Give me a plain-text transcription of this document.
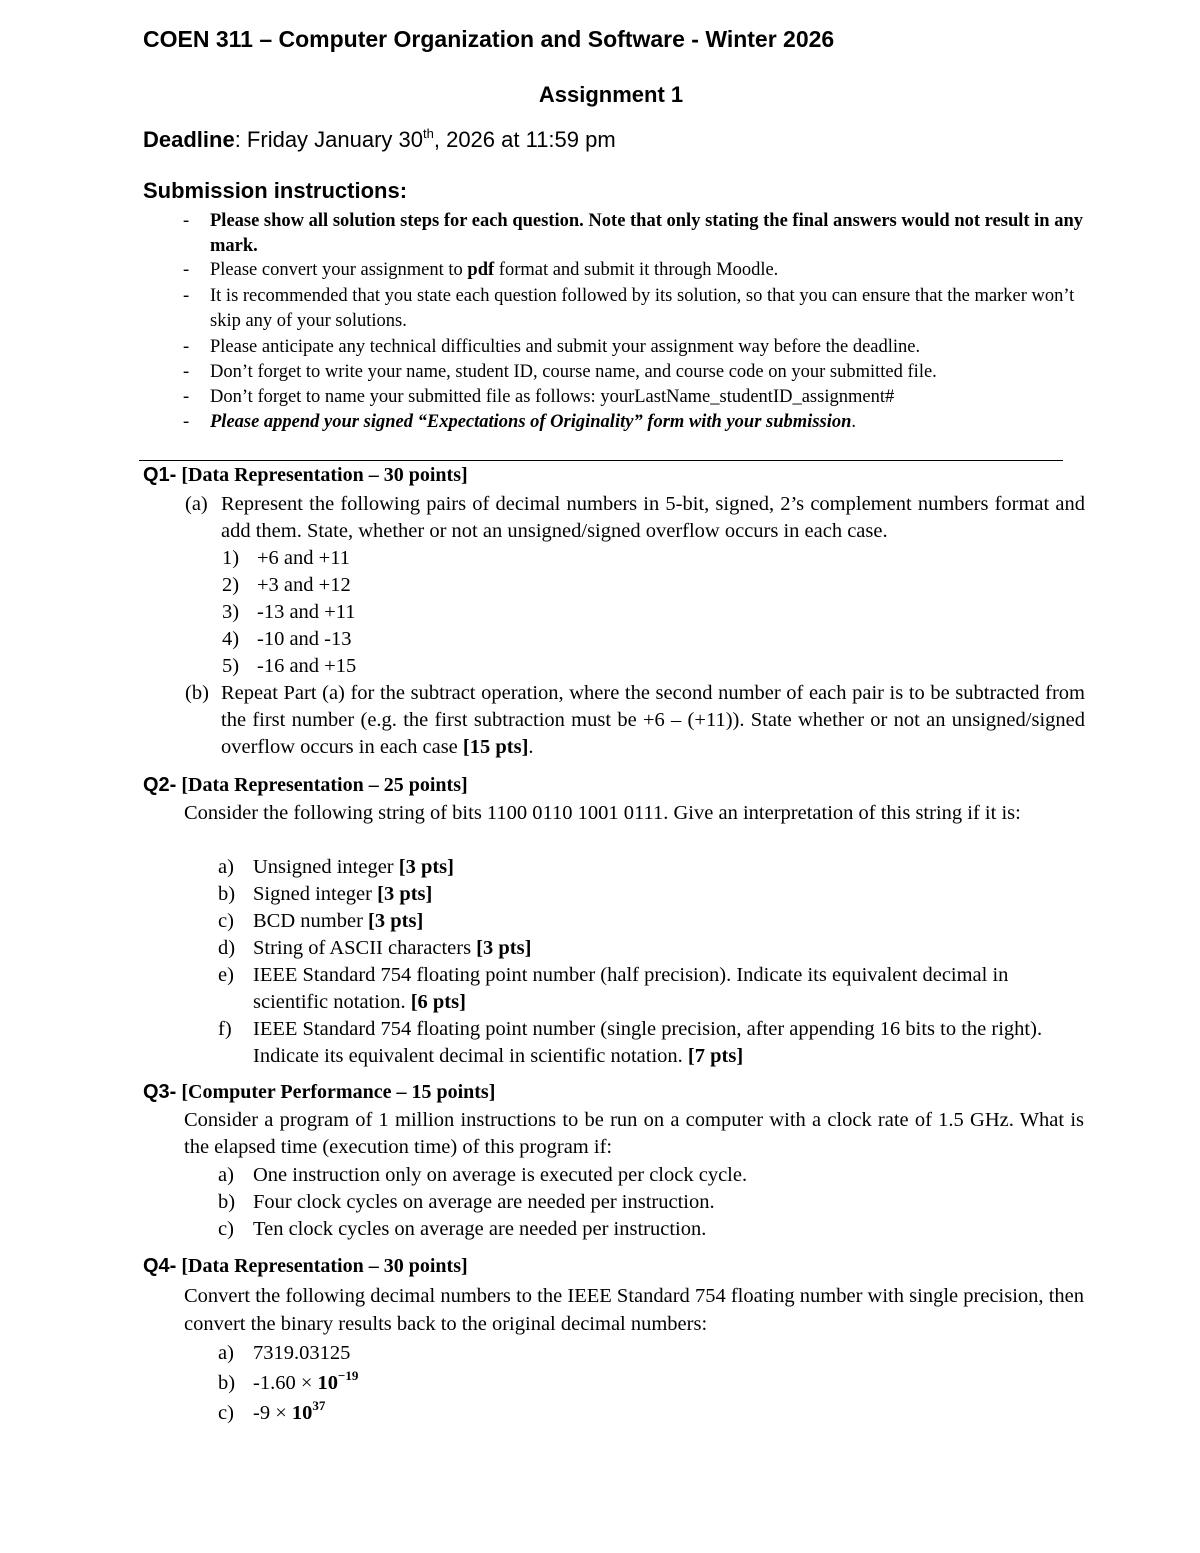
COEN 311 – Computer Organization and Software - Winter 2026
Assignment 1
Deadline: Friday January 30th, 2026 at 11:59 pm
Submission instructions:
- Please show all solution steps for each question. Note that only stating the final answers would not result in any mark.
- Please convert your assignment to pdf format and submit it through Moodle.
- It is recommended that you state each question followed by its solution, so that you can ensure that the marker won’t skip any of your solutions.
- Please anticipate any technical difficulties and submit your assignment way before the deadline.
- Don’t forget to write your name, student ID, course name, and course code on your submitted file.
- Don’t forget to name your submitted file as follows: yourLastName_studentID_assignment#
- Please append your signed “Expectations of Originality” form with your submission.
Q1- [Data Representation – 30 points]
(a) Represent the following pairs of decimal numbers in 5-bit, signed, 2’s complement numbers format and add them. State, whether or not an unsigned/signed overflow occurs in each case.
1) +6 and +11
2) +3 and +12
3) -13 and +11
4) -10 and -13
5) -16 and +15
(b) Repeat Part (a) for the subtract operation, where the second number of each pair is to be subtracted from the first number (e.g. the first subtraction must be +6 – (+11)). State whether or not an unsigned/signed overflow occurs in each case [15 pts].
Q2- [Data Representation – 25 points]
Consider the following string of bits 1100 0110 1001 0111. Give an interpretation of this string if it is:
a) Unsigned integer [3 pts]
b) Signed integer [3 pts]
c) BCD number [3 pts]
d) String of ASCII characters [3 pts]
e) IEEE Standard 754 floating point number (half precision). Indicate its equivalent decimal in scientific notation. [6 pts]
f) IEEE Standard 754 floating point number (single precision, after appending 16 bits to the right). Indicate its equivalent decimal in scientific notation. [7 pts]
Q3- [Computer Performance – 15 points]
Consider a program of 1 million instructions to be run on a computer with a clock rate of 1.5 GHz. What is the elapsed time (execution time) of this program if:
a) One instruction only on average is executed per clock cycle.
b) Four clock cycles on average are needed per instruction.
c) Ten clock cycles on average are needed per instruction.
Q4- [Data Representation – 30 points]
Convert the following decimal numbers to the IEEE Standard 754 floating number with single precision, then convert the binary results back to the original decimal numbers:
a) 7319.03125
b) $-1.60 \times 10^{-19}$
c) $-9 \times 10^{37}$
